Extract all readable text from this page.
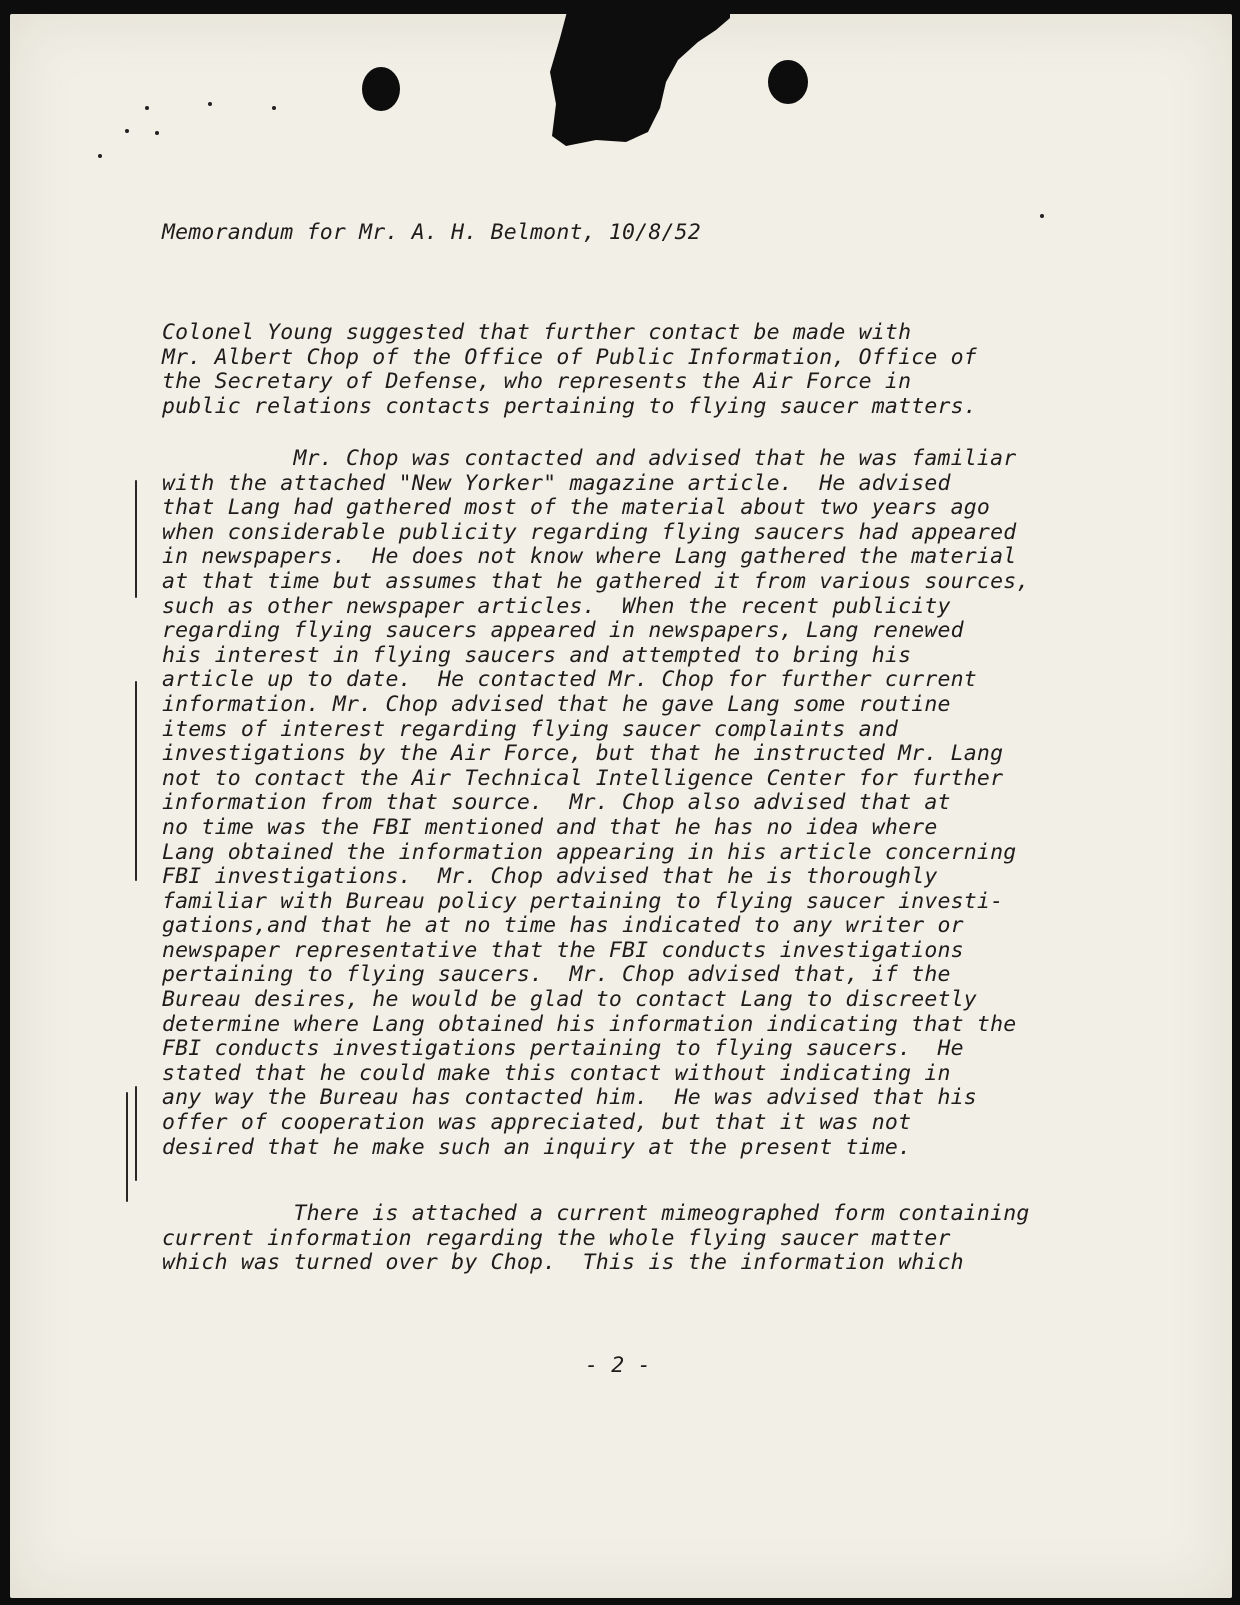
Memorandum for Mr. A. H. Belmont, 10/8/52

Colonel Young suggested that further contact be made with
Mr. Albert Chop of the Office of Public Information, Office of
the Secretary of Defense, who represents the Air Force in
public relations contacts pertaining to flying saucer matters.

Mr. Chop was contacted and advised that he was familiar
with the attached "New Yorker" magazine article.  He advised
that Lang had gathered most of the material about two years ago
when considerable publicity regarding flying saucers had appeared
in newspapers.  He does not know where Lang gathered the material
at that time but assumes that he gathered it from various sources,
such as other newspaper articles.  When the recent publicity
regarding flying saucers appeared in newspapers, Lang renewed
his interest in flying saucers and attempted to bring his
article up to date.  He contacted Mr. Chop for further current
information. Mr. Chop advised that he gave Lang some routine
items of interest regarding flying saucer complaints and
investigations by the Air Force, but that he instructed Mr. Lang
not to contact the Air Technical Intelligence Center for further
information from that source.  Mr. Chop also advised that at
no time was the FBI mentioned and that he has no idea where
Lang obtained the information appearing in his article concerning
FBI investigations.  Mr. Chop advised that he is thoroughly
familiar with Bureau policy pertaining to flying saucer investi-
gations,and that he at no time has indicated to any writer or
newspaper representative that the FBI conducts investigations
pertaining to flying saucers.  Mr. Chop advised that, if the
Bureau desires, he would be glad to contact Lang to discreetly
determine where Lang obtained his information indicating that the
FBI conducts investigations pertaining to flying saucers.  He
stated that he could make this contact without indicating in
any way the Bureau has contacted him.  He was advised that his
offer of cooperation was appreciated, but that it was not
desired that he make such an inquiry at the present time.

There is attached a current mimeographed form containing
current information regarding the whole flying saucer matter
which was turned over by Chop.  This is the information which

- 2 -
